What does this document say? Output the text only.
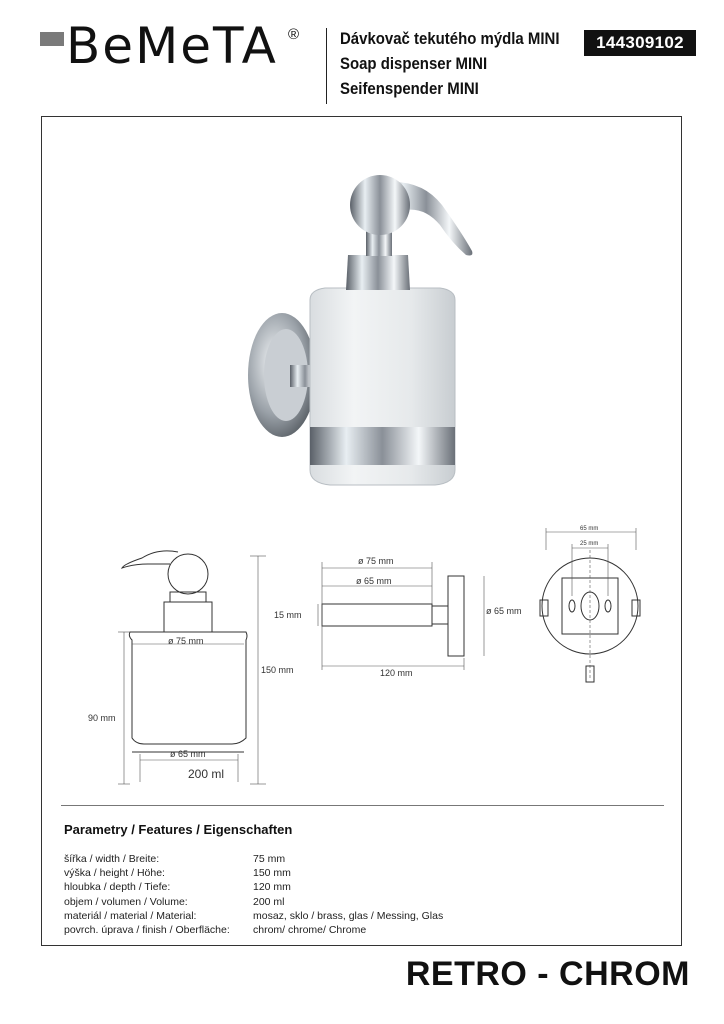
BeMeTA ® Dávkovač tekutého mýdla MINI
Soap dispenser MINI
Seifenspender MINI
144309102
ø 75 mm
ø 65 mm
200 ml
150 mm
90 mm
ø 75 mm
ø 65 mm
15 mm	ø 65 mm
120 mm
65 mm
25 mm
Parametry / Features / Eigenschaften
šířka / width / Breite:	75 mm
výška / height / Höhe:	150 mm
hloubka / depth / Tiefe:	120 mm
objem / volumen / Volume:	200 ml
materiál / material / Material:	mosaz, sklo / brass, glas / Messing, Glas
povrch. úprava / finish / Oberfläche:	chrom/ chrome/ Chrome
RETRO - CHROM
